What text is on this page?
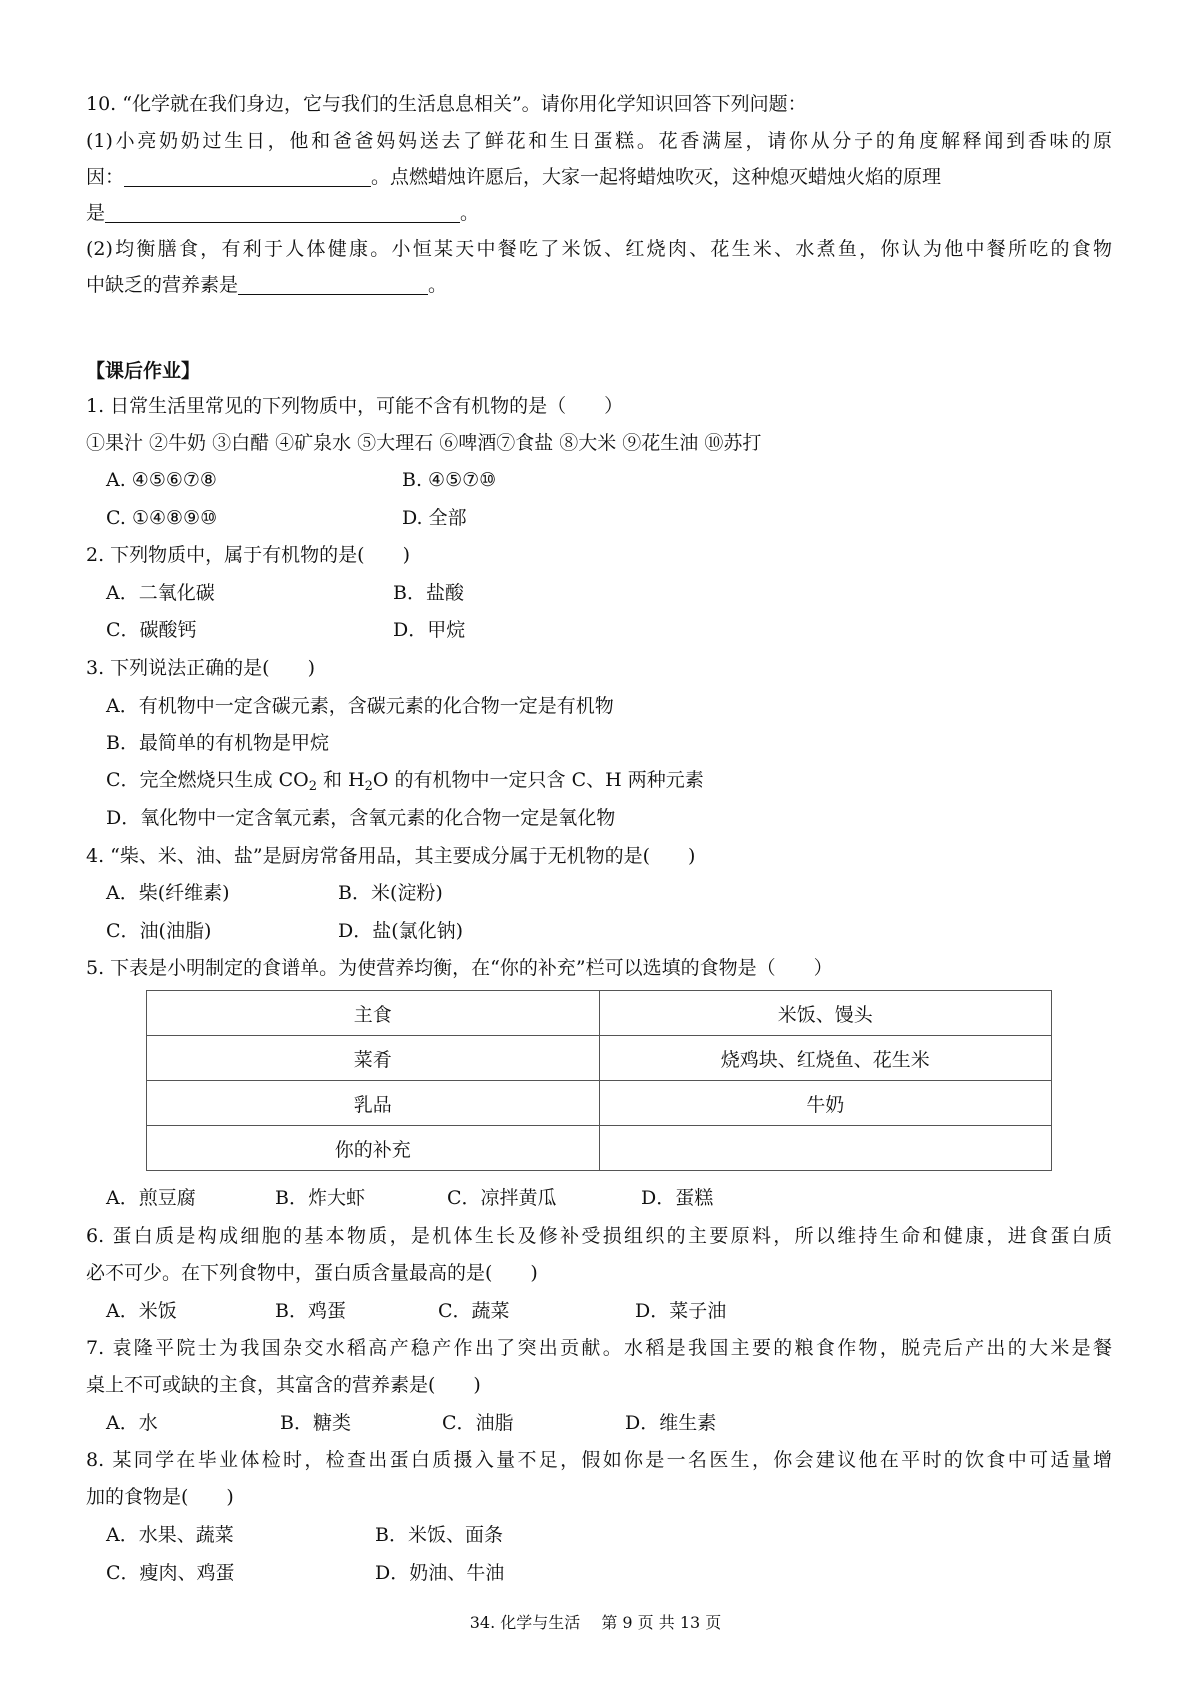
10. “化学就在我们身边，它与我们的生活息息相关”。请你用化学知识回答下列问题：
(1)小亮奶奶过生日，他和爸爸妈妈送去了鲜花和生日蛋糕。花香满屋，请你从分子的角度解释闻到香味的原
因：	。点燃蜡烛许愿后，大家一起将蜡烛吹灭，这种熄灭蜡烛火焰的原理
是	。
(2)均衡膳食，有利于人体健康。小恒某天中餐吃了米饭、红烧肉、花生米、水煮鱼，你认为他中餐所吃的食物
中缺乏的营养素是	。
【课后作业】
1. 日常生活里常见的下列物质中，可能不含有机物的是（　　）
①果汁 ②牛奶 ③白醋 ④矿泉水 ⑤大理石 ⑥啤酒⑦食盐 ⑧大米 ⑨花生油 ⑩苏打
A. ④⑤⑥⑦⑧	B. ④⑤⑦⑩
C. ①④⑧⑨⑩	D. 全部
2. 下列物质中，属于有机物的是(　　)
A．二氧化碳	B．盐酸
C．碳酸钙	D．甲烷
3. 下列说法正确的是(　　)
A．有机物中一定含碳元素，含碳元素的化合物一定是有机物
B．最简单的有机物是甲烷
C．完全燃烧只生成 $CO_2$ 和 $H_2O$ 的有机物中一定只含 C、H 两种元素
D．氧化物中一定含氧元素，含氧元素的化合物一定是氧化物
4. “柴、米、油、盐”是厨房常备用品，其主要成分属于无机物的是(　　)
A．柴(纤维素)	B．米(淀粉)
C．油(油脂)	D．盐(氯化钠)
5. 下表是小明制定的食谱单。为使营养均衡，在“你的补充”栏可以选填的食物是（　　）
主食	米饭、馒头
菜肴	烧鸡块、红烧鱼、花生米
乳品	牛奶
你的补充	
A．煎豆腐	B．炸大虾	C．凉拌黄瓜	D．蛋糕
6. 蛋白质是构成细胞的基本物质，是机体生长及修补受损组织的主要原料，所以维持生命和健康，进食蛋白质
必不可少。在下列食物中，蛋白质含量最高的是(　　)
A．米饭	B．鸡蛋	C．蔬菜	D．菜子油
7. 袁隆平院士为我国杂交水稻高产稳产作出了突出贡献。水稻是我国主要的粮食作物，脱壳后产出的大米是餐
桌上不可或缺的主食，其富含的营养素是(　　)
A．水	B．糖类	C．油脂	D．维生素
8. 某同学在毕业体检时，检查出蛋白质摄入量不足，假如你是一名医生，你会建议他在平时的饮食中可适量增
加的食物是(　　)
A．水果、蔬菜	B．米饭、面条
C．瘦肉、鸡蛋	D．奶油、牛油
34. 化学与生活　 第 9 页 共 13 页
